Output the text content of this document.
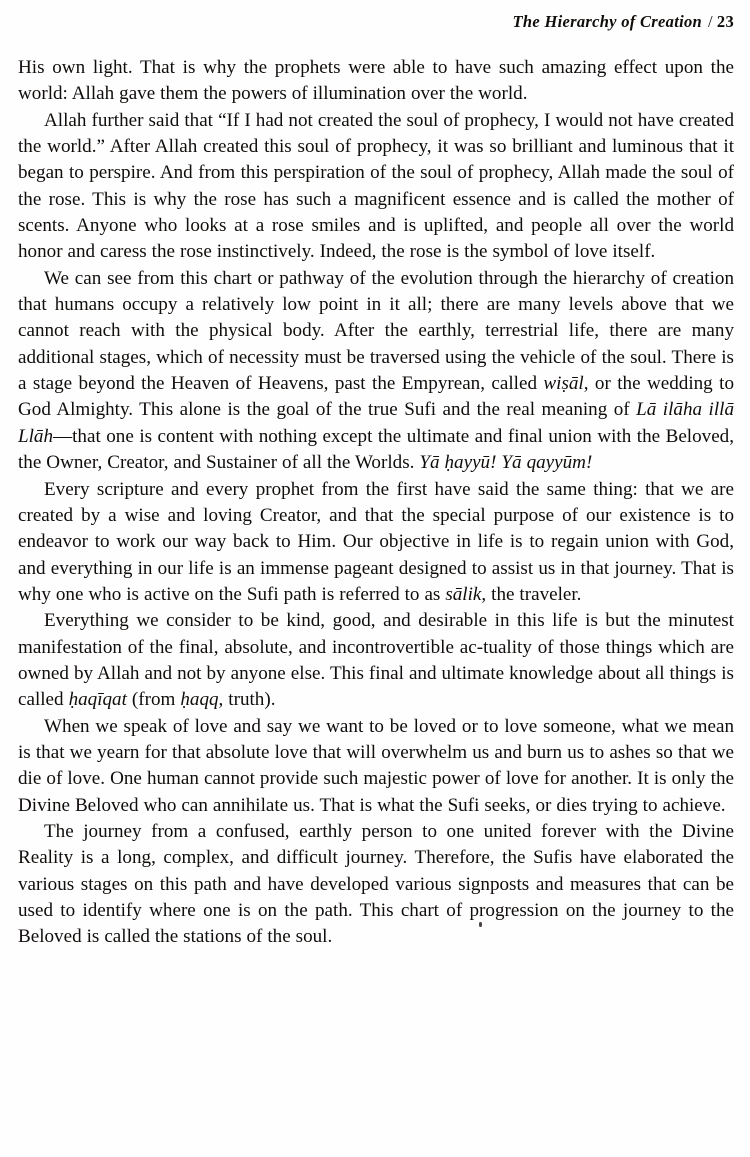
The Hierarchy of Creation / 23

His own light. That is why the prophets were able to have such amazing effect upon the world: Allah gave them the powers of illumination over the world.

Allah further said that “If I had not created the soul of prophecy, I would not have created the world.” After Allah created this soul of prophecy, it was so brilliant and luminous that it began to perspire. And from this perspiration of the soul of prophecy, Allah made the soul of the rose. This is why the rose has such a magnificent essence and is called the mother of scents. Anyone who looks at a rose smiles and is uplifted, and people all over the world honor and caress the rose instinctively. Indeed, the rose is the symbol of love itself.

We can see from this chart or pathway of the evolution through the hierarchy of creation that humans occupy a relatively low point in it all; there are many levels above that we cannot reach with the physical body. After the earthly, terrestrial life, there are many additional stages, which of necessity must be traversed using the vehicle of the soul. There is a stage beyond the Heaven of Heavens, past the Empyrean, called wiṣāl, or the wedding to God Almighty. This alone is the goal of the true Sufi and the real meaning of Lā ilāha illā Llāh—that one is content with nothing except the ultimate and final union with the Beloved, the Owner, Creator, and Sustainer of all the Worlds. Yā ḥayyū! Yā qayyūm!

Every scripture and every prophet from the first have said the same thing: that we are created by a wise and loving Creator, and that the special purpose of our existence is to endeavor to work our way back to Him. Our objective in life is to regain union with God, and everything in our life is an immense pageant designed to assist us in that journey. That is why one who is active on the Sufi path is referred to as sālik, the traveler.

Everything we consider to be kind, good, and desirable in this life is but the minutest manifestation of the final, absolute, and incontrovertible ac-tuality of those things which are owned by Allah and not by anyone else. This final and ultimate knowledge about all things is called ḥaqīqat (from ḥaqq, truth).

When we speak of love and say we want to be loved or to love someone, what we mean is that we yearn for that absolute love that will overwhelm us and burn us to ashes so that we die of love. One human cannot provide such majestic power of love for another. It is only the Divine Beloved who can annihilate us. That is what the Sufi seeks, or dies trying to achieve.

The journey from a confused, earthly person to one united forever with the Divine Reality is a long, complex, and difficult journey. Therefore, the Sufis have elaborated the various stages on this path and have developed various signposts and measures that can be used to identify where one is on the path. This chart of progression on the journey to the Beloved is called the stations of the soul.
